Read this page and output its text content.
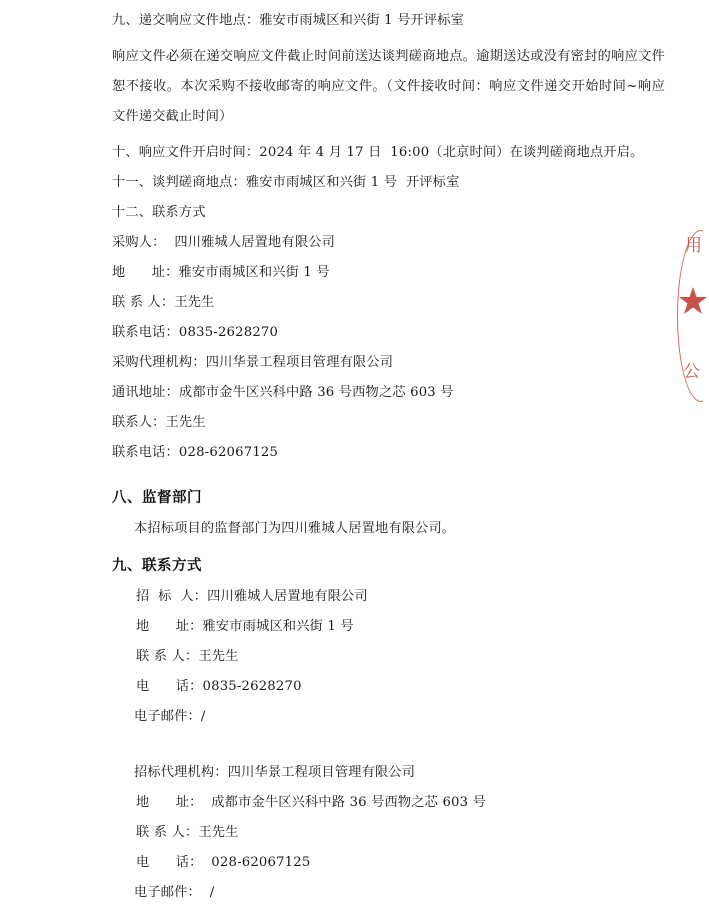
九、递交响应文件地点：雅安市雨城区和兴街 1 号开评标室

响应文件必须在递交响应文件截止时间前送达谈判磋商地点。逾期送达或没有密封的响应文件恕不接收。本次采购不接收邮寄的响应文件。（文件接收时间：响应文件递交开始时间~响应文件递交截止时间）

十、响应文件开启时间：2024 年 4 月 17 日  16:00（北京时间）在谈判磋商地点开启。
十一、谈判磋商地点：雅安市雨城区和兴街 1 号  开评标室
十二、联系方式
采购人：  四川雅城人居置地有限公司
地      址：雅安市雨城区和兴街 1 号
联 系 人：王先生
联系电话：0835-2628270
采购代理机构：四川华景工程项目管理有限公司
通讯地址：成都市金牛区兴科中路 36 号西物之芯 603 号
联系人：王先生
联系电话：028-62067125
八、监督部门
本招标项目的监督部门为四川雅城人居置地有限公司。
九、联系方式
招  标  人：四川雅城人居置地有限公司
地      址：雅安市雨城区和兴街 1 号
联 系 人：王先生
电      话：0835-2628270
电子邮件：/
招标代理机构：四川华景工程项目管理有限公司
地      址：  成都市金牛区兴科中路 36 号西物之芯 603 号
联 系 人：王先生
电      话：  028-62067125
电子邮件：  /
用
公
